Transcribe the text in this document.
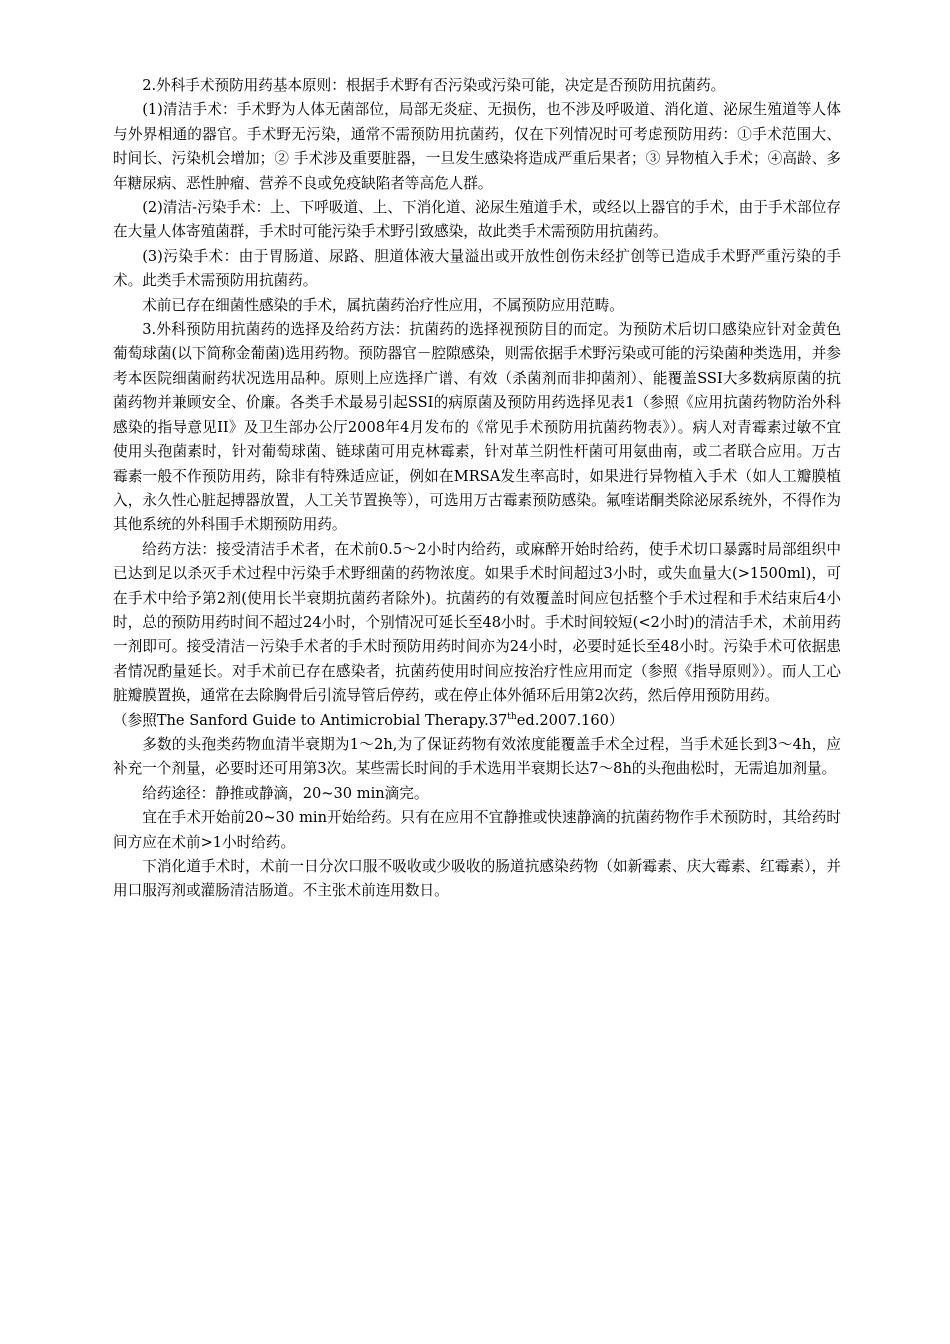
2.外科手术预防用药基本原则：根据手术野有否污染或污染可能，决定是否预防用抗菌药。

(1)清洁手术：手术野为人体无菌部位，局部无炎症、无损伤，也不涉及呼吸道、消化道、泌尿生殖道等人体与外界相通的器官。手术野无污染，通常不需预防用抗菌药，仅在下列情况时可考虑预防用药：①手术范围大、时间长、污染机会增加；② 手术涉及重要脏器，一旦发生感染将造成严重后果者；③ 异物植入手术；④高龄、多年糖尿病、恶性肿瘤、营养不良或免疫缺陷者等高危人群。

(2)清洁-污染手术：上、下呼吸道、上、下消化道、泌尿生殖道手术，或经以上器官的手术，由于手术部位存在大量人体寄殖菌群，手术时可能污染手术野引致感染，故此类手术需预防用抗菌药。

(3)污染手术：由于胃肠道、尿路、胆道体液大量溢出或开放性创伤未经扩创等已造成手术野严重污染的手术。此类手术需预防用抗菌药。

术前已存在细菌性感染的手术，属抗菌药治疗性应用，不属预防应用范畴。

3.外科预防用抗菌药的选择及给药方法：抗菌药的选择视预防目的而定。为预防术后切口感染应针对金黄色葡萄球菌(以下简称金葡菌)选用药物。预防器官－腔隙感染，则需依据手术野污染或可能的污染菌种类选用，并参考本医院细菌耐药状况选用品种。原则上应选择广谱、有效（杀菌剂而非抑菌剂）、能覆盖SSI大多数病原菌的抗菌药物并兼顾安全、价廉。各类手术最易引起SSI的病原菌及预防用药选择见表1（参照《应用抗菌药物防治外科感染的指导意见II》及卫生部办公厅2008年4月发布的《常见手术预防用抗菌药物表》）。病人对青霉素过敏不宜使用头孢菌素时，针对葡萄球菌、链球菌可用克林霉素，针对革兰阴性杆菌可用氨曲南，或二者联合应用。万古霉素一般不作预防用药，除非有特殊适应证，例如在MRSA发生率高时，如果进行异物植入手术（如人工瓣膜植入，永久性心脏起搏器放置，人工关节置换等），可选用万古霉素预防感染。氟喹诺酮类除泌尿系统外，不得作为其他系统的外科围手术期预防用药。

给药方法：接受清洁手术者，在术前0.5～2小时内给药，或麻醉开始时给药，使手术切口暴露时局部组织中已达到足以杀灭手术过程中污染手术野细菌的药物浓度。如果手术时间超过3小时，或失血量大(>1500ml)，可在手术中给予第2剂(使用长半衰期抗菌药者除外)。抗菌药的有效覆盖时间应包括整个手术过程和手术结束后4小时，总的预防用药时间不超过24小时，个别情况可延长至48小时。手术时间较短(<2小时)的清洁手术，术前用药一剂即可。接受清洁－污染手术者的手术时预防用药时间亦为24小时，必要时延长至48小时。污染手术可依据患者情况酌量延长。对手术前已存在感染者，抗菌药使用时间应按治疗性应用而定（参照《指导原则》）。而人工心脏瓣膜置换，通常在去除胸骨后引流导管后停药，或在停止体外循环后用第2次药，然后停用预防用药。

（参照The Sanford Guide to Antimicrobial Therapy.37thed.2007.160）

多数的头孢类药物血清半衰期为1～2h,为了保证药物有效浓度能覆盖手术全过程，当手术延长到3～4h，应补充一个剂量，必要时还可用第3次。某些需长时间的手术选用半衰期长达7～8h的头孢曲松时，无需追加剂量。

给药途径：静推或静滴，20~30 min滴完。

宜在手术开始前20~30 min开始给药。只有在应用不宜静推或快速静滴的抗菌药物作手术预防时，其给药时间方应在术前>1小时给药。

下消化道手术时，术前一日分次口服不吸收或少吸收的肠道抗感染药物（如新霉素、庆大霉素、红霉素），并用口服泻剂或灌肠清洁肠道。不主张术前连用数日。
